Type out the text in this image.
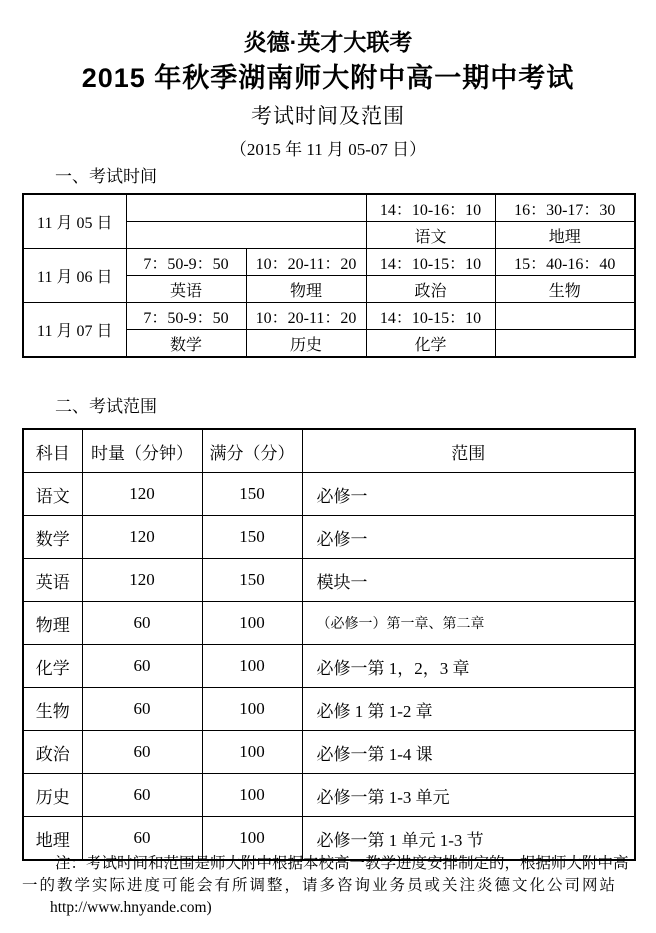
炎德·英才大联考
2015 年秋季湖南师大附中高一期中考试
考试时间及范围
（2015 年 11 月 05-07 日）
一、考试时间
11 月 05 日			14：10-16：10	16：30-17：30
			语文	地理
11 月 06 日	7：50-9：50	10：20-11：20	14：10-15：10	15：40-16：40
	英语	物理	政治	生物
11 月 07 日	7：50-9：50	10：20-11：20	14：10-15：10	
	数学	历史	化学	
二、考试范围
科目	时量（分钟）	满分（分）	范围
语文	120	150	必修一
数学	120	150	必修一
英语	120	150	模块一
物理	60	100	（必修一）第一章、第二章
化学	60	100	必修一第 1，2，3 章
生物	60	100	必修 1 第 1-2 章
政治	60	100	必修一第 1-4 课
历史	60	100	必修一第 1-3 单元
地理	60	100	必修一第 1 单元 1-3 节
注：考试时间和范围是师大附中根据本校高一教学进度安排制定的，根据师大附中高
一的教学实际进度可能会有所调整，请多咨询业务员或关注炎德文化公司网站
http://www.hnyande.com)
